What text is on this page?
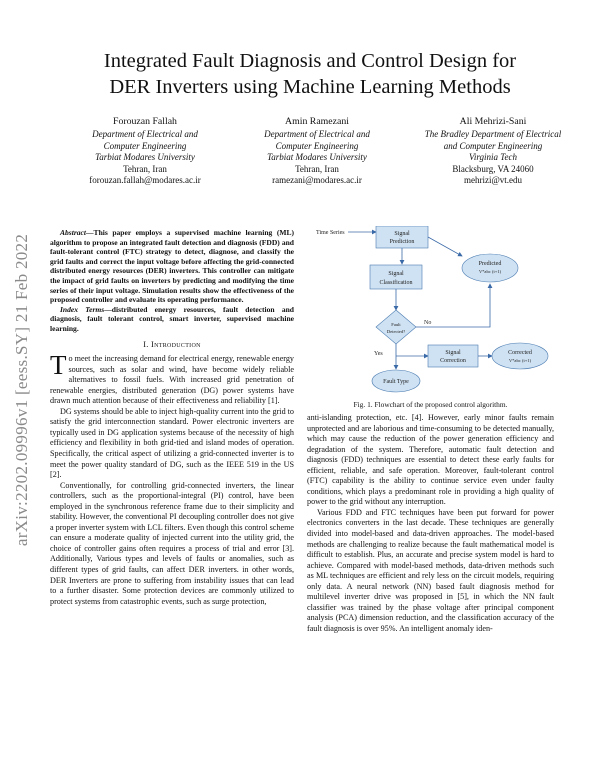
arXiv:2202.09996v1 [eess.SY] 21 Feb 2022
Integrated Fault Diagnosis and Control Design for
DER Inverters using Machine Learning Methods
Forouzan Fallah
Department of Electrical and
Computer Engineering
Tarbiat Modares University
Tehran, Iran
forouzan.fallah@modares.ac.ir
Amin Ramezani
Department of Electrical and
Computer Engineering
Tarbiat Modares University
Tehran, Iran
ramezani@modares.ac.ir
Ali Mehrizi-Sani
The Bradley Department of Electrical
and Computer Engineering
Virginia Tech
Blacksburg, VA 24060
mehrizi@vt.edu

Abstract—This paper employs a supervised machine learning (ML) algorithm to propose an integrated fault detection and diagnosis (FDD) and fault-tolerant control (FTC) strategy to detect, diagnose, and classify the grid faults and correct the input voltage before affecting the grid-connected distributed energy resources (DER) inverters. This controller can mitigate the impact of grid faults on inverters by predicting and modifying the time series of their input voltage. Simulation results show the effectiveness of the proposed controller and evaluate its operating performance.

Index Terms—distributed energy resources, fault detection and diagnosis, fault tolerant control, smart inverter, supervised machine learning.

I. Introduction

To meet the increasing demand for electrical energy, renewable energy sources, such as solar and wind, have become widely reliable alternatives to fossil fuels. With increased grid penetration of renewable energies, distributed generation (DG) power systems have drawn much attention because of their effectiveness and reliability [1].

DG systems should be able to inject high-quality current into the grid to satisfy the grid interconnection standard. Power electronic inverters are typically used in DG application systems because of the necessity of high efficiency and flexibility in both grid-tied and island modes of operation. Specifically, the critical aspect of utilizing a grid-connected inverter is to meet the power quality standard of DG, such as the IEEE 519 in the US [2].

Conventionally, for controlling grid-connected inverters, the linear controllers, such as the proportional-integral (PI) control, have been employed in the synchronous reference frame due to their simplicity and stability. However, the conventional PI decoupling controller does not give a proper inverter system with LCL filters. Even though this control scheme can ensure a moderate quality of injected current into the utility grid, the choice of controller gains often requires a process of trial and error [3]. Additionally, Various types and levels of faults or anomalies, such as different types of grid faults, can affect DER inverters. in other words, DER Inverters are prone to suffering from instability issues that can lead to a further disaster. Some protection devices are commonly utilized to protect systems from catastrophic events, such as surge protection,

Time Series	Signal
Prediction
Predicted
V*abc (t+1)
Signal
Classification
Fault
Detected?
No
Yes	Signal
Correction
Corrected
V*abc (t+1)
Fault Type
Fig. 1. Flowchart of the proposed control algorithm.

anti-islanding protection, etc. [4]. However, early minor faults remain unprotected and are laborious and time-consuming to be detected manually, which may cause the reduction of the power generation efficiency and degradation of the system. Therefore, automatic fault detection and diagnosis (FDD) techniques are essential to detect these early faults for efficient, reliable, and safe operation. Moreover, fault-tolerant control (FTC) capability is the ability to continue service even under faulty conditions, which plays a predominant role in providing a high quality of power to the grid without any interruption.

Various FDD and FTC techniques have been put forward for power electronics converters in the last decade. These techniques are generally divided into model-based and data-driven approaches. The model-based methods are challenging to realize because the fault mathematical model is difficult to establish. Plus, an accurate and precise system model is hard to achieve. Compared with model-based methods, data-driven methods such as ML techniques are efficient and rely less on the circuit models, requiring only data. A neural network (NN) based fault diagnosis method for multilevel inverter drive was proposed in [5], in which the NN fault classifier was trained by the phase voltage after principal component analysis (PCA) dimension reduction, and the classification accuracy of the fault diagnosis is over 95%. An intelligent anomaly iden-
